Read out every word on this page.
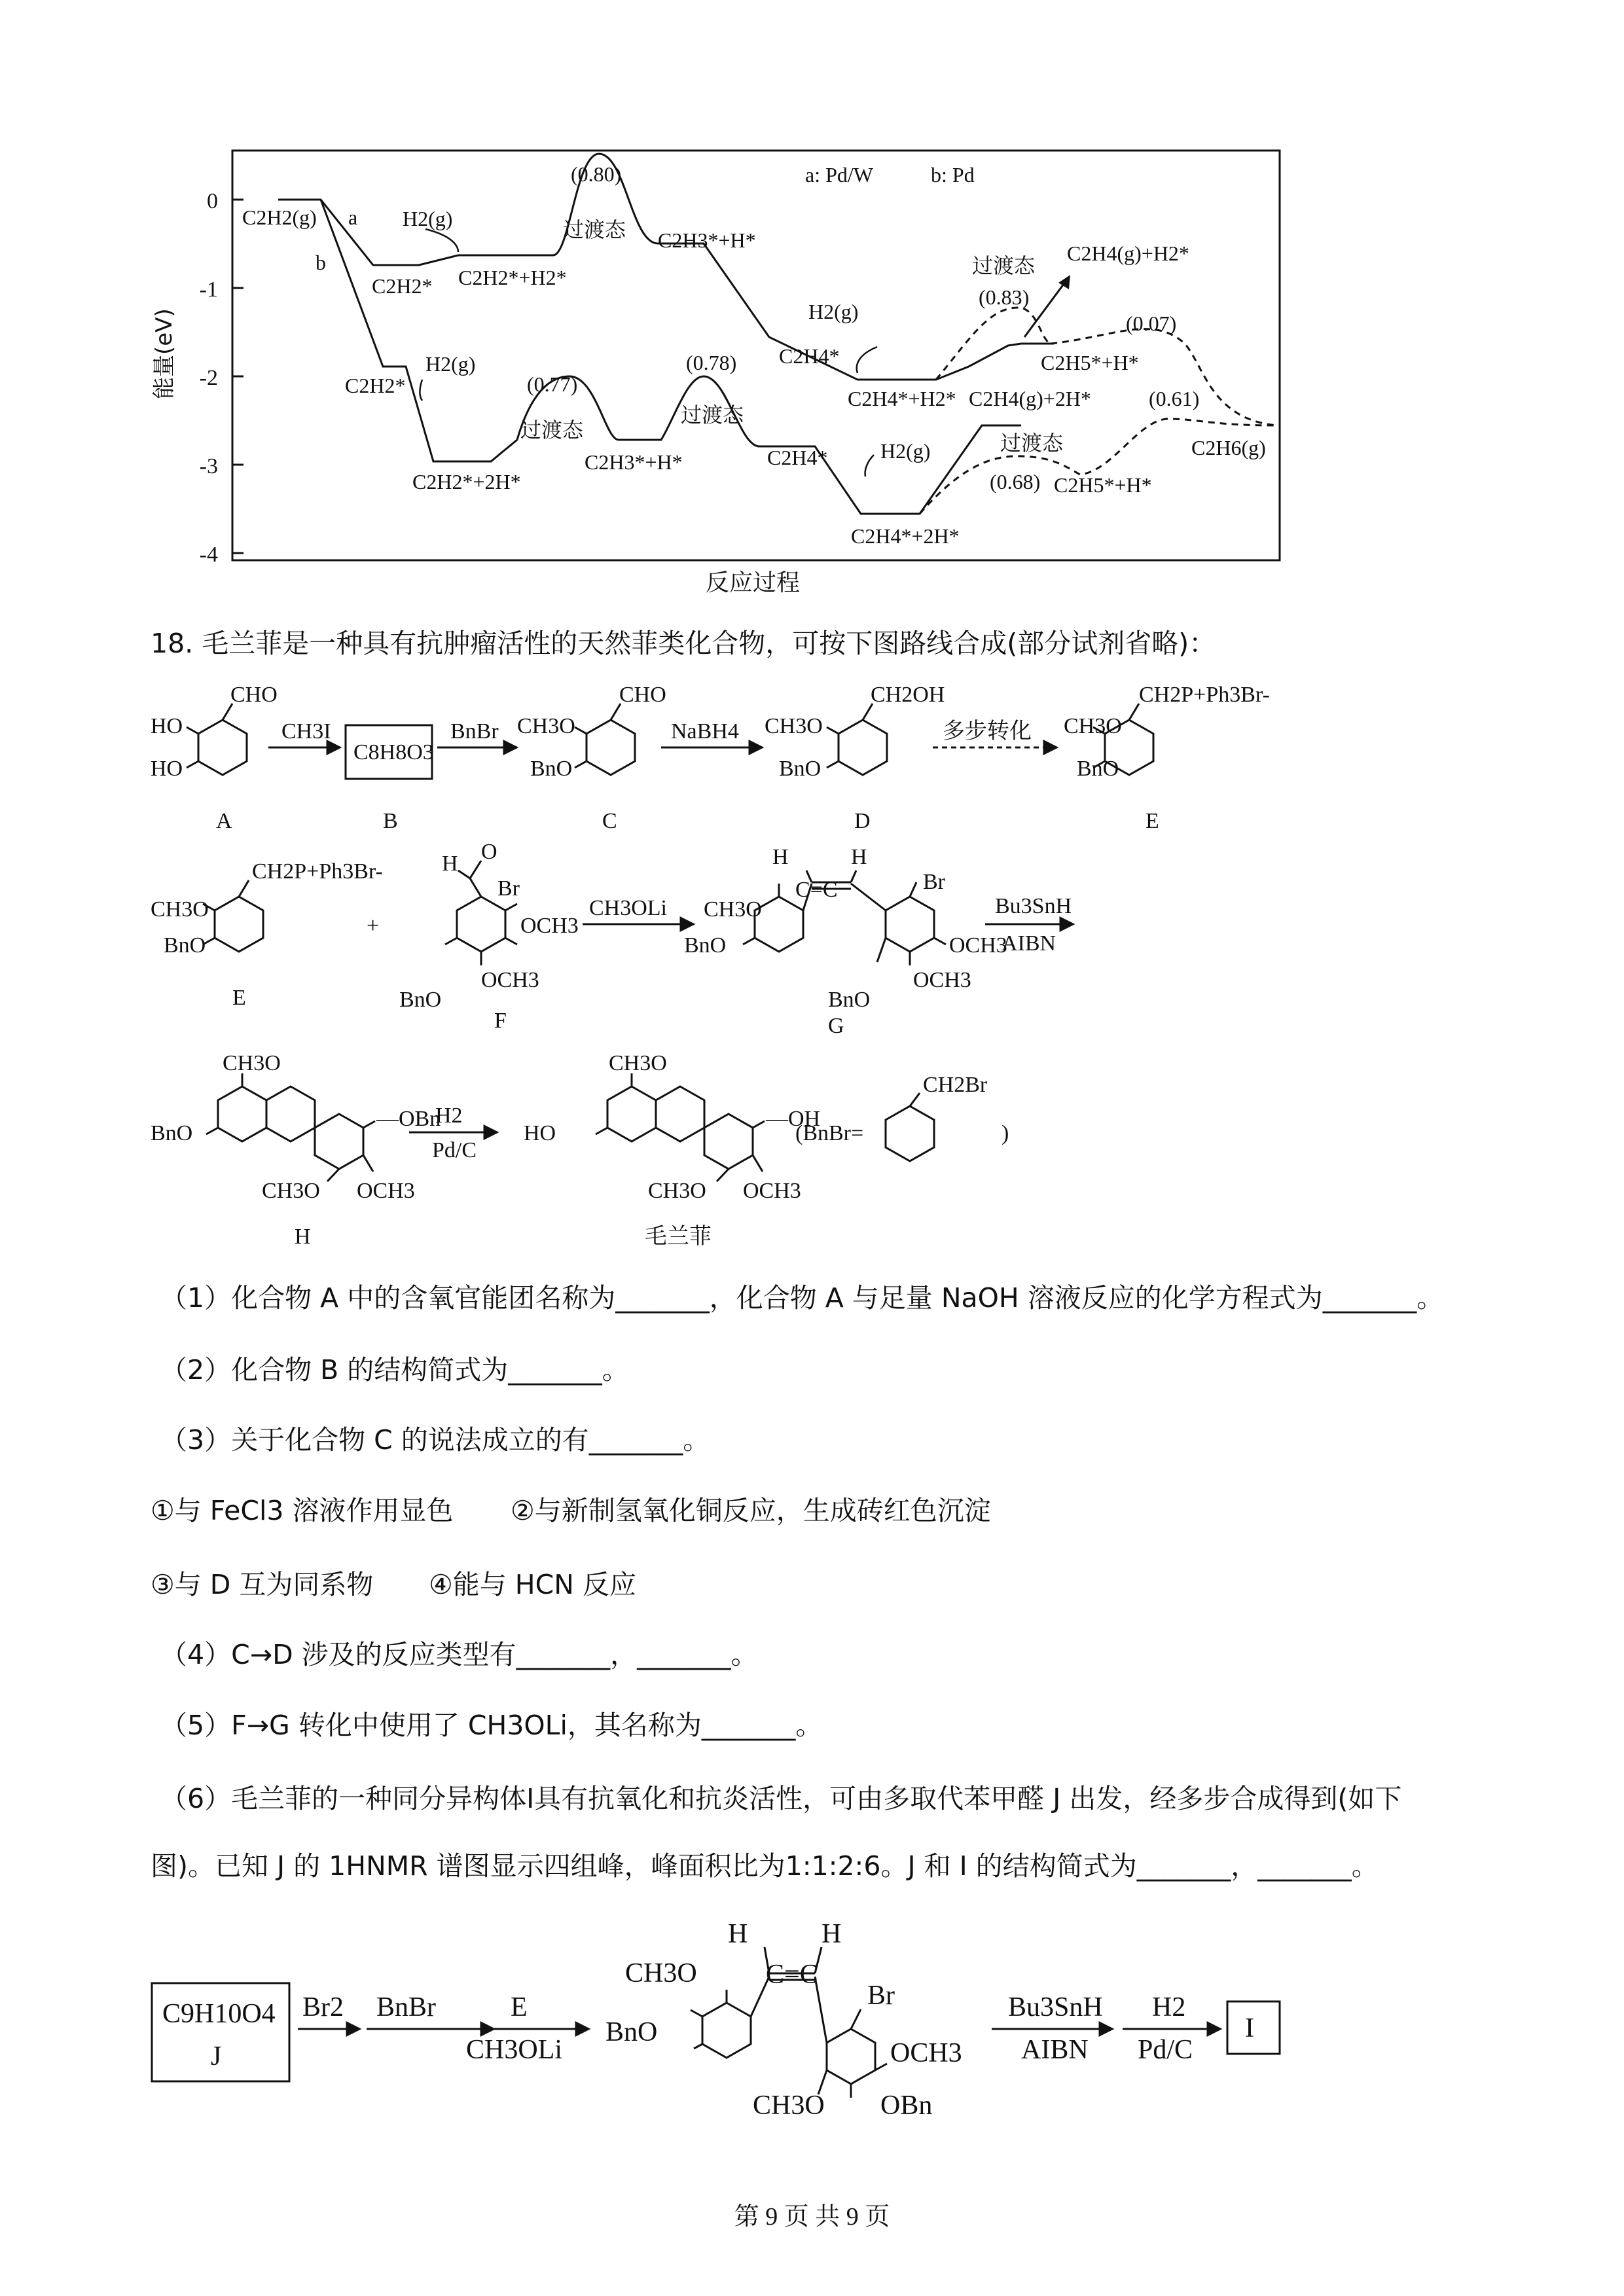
0
-1
-2
-3
-4
能量(eV)
反应过程
C2H2(g) a
b
a: Pd/W	b: Pd
H2(g)
C2H2* C2H2*+H2*
(0.80)
过渡态 C2H3*+H*
H2(g)
C2H4*
C2H4*+H2*
过渡态
(0.83)
C2H4(g)+H2*
C2H5*+H*
(0.07)
C2H2*
H2(g)
C2H2*+2H*
(0.77)
过渡态
C2H3*+H*
(0.78)
过渡态
C2H4*	H2(g)
C2H4*+2H*
C2H4(g)+2H*
过渡态
(0.68) C2H5*+H*
(0.61)
C2H6(g)
18. 毛兰菲是一种具有抗肿瘤活性的天然菲类化合物，可按下图路线合成(部分试剂省略)：
CHO
HO
HO
A
CH3I
C8H8O3
B
BnBr
CHO
CH3O
BnO
C
NaBH4
CH2OH
CH3O
BnO
D
多步转化
CH2P+Ph3Br-
CH3O
BnO
E
CH2P+Ph3Br-
CH3O
BnO
E
+
H O
Br
OCH3
OCH3
BnO
F
CH3OLi
H	H
C=C	Br
CH3O
BnO	OCH3
OCH3
BnO
G
Bu3SnH
AIBN
CH3O
BnO
—OBn
CH3O OCH3
H
H2
Pd/C
CH3O
HO
—OH
CH3O OCH3
毛兰菲
(BnBr=
CH2Br
)
（1）化合物 A 中的含氧官能团名称为_______，化合物 A 与足量 NaOH 溶液反应的化学方程式为_______。
（2）化合物 B 的结构简式为_______。
（3）关于化合物 C 的说法成立的有_______。
①与 FeCl3 溶液作用显色 ②与新制氢氧化铜反应，生成砖红色沉淀
③与 D 互为同系物 ④能与 HCN 反应
（4）C→D 涉及的反应类型有_______，_______。
（5）F→G 转化中使用了 CH3OLi，其名称为_______。
（6）毛兰菲的一种同分异构体I具有抗氧化和抗炎活性，可由多取代苯甲醛 J 出发，经多步合成得到(如下
图)。已知 J 的 1HNMR 谱图显示四组峰，峰面积比为1:1:2:6。J 和 I 的结构简式为_______，_______。
C9H10O4
J
Br2 BnBr	E
CH3OLi
H	H
C=C
Br
CH3O
BnO
OCH3
CH3O OBn
Bu3SnH
AIBN
H2
Pd/C
I
第 9 页 共 9 页
